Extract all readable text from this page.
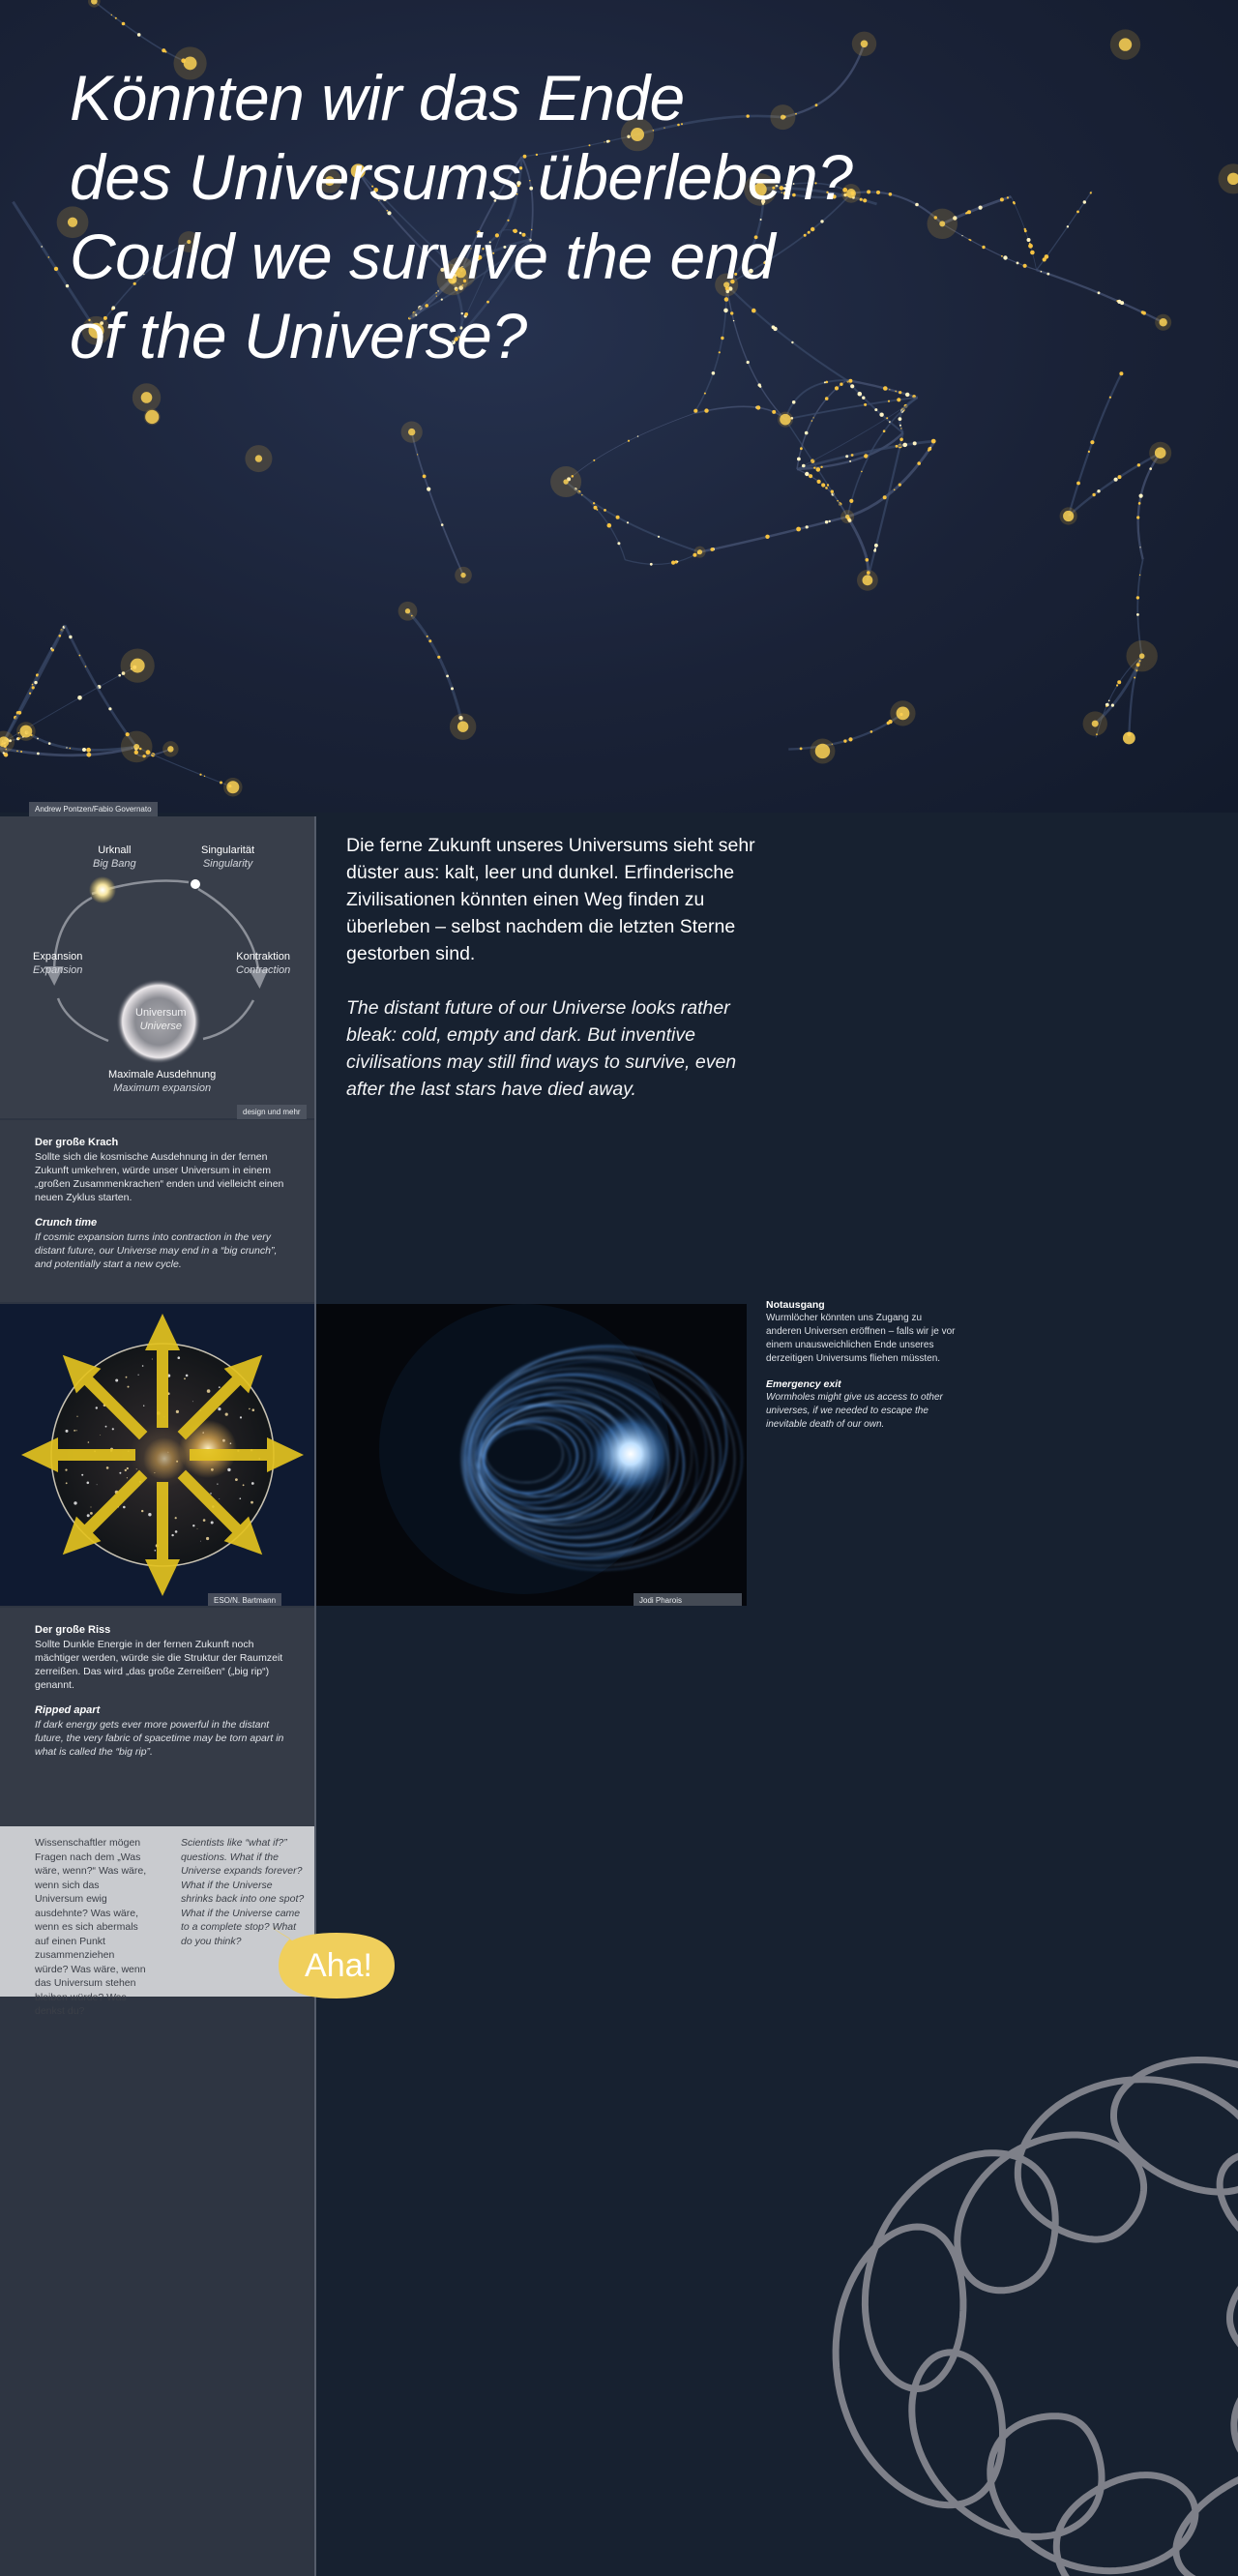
Könnten wir das Ende
des Universums überleben?
Could we survive the end
of the Universe?
Andrew Pontzen/Fabio Governato
Urknall
Big Bang
Singularität
Singularity
Expansion
Expansion
Kontraktion
Contraction
Universum
Universe
Maximale Ausdehnung
Maximum expansion
design und mehr
Der große Krach

Sollte sich die kosmische Ausdehnung in der fernen Zukunft umkehren, würde unser Universum in einem „großen Zusammenkrachen“ enden und vielleicht einen neuen Zyklus starten.

Crunch time

If cosmic expansion turns into contraction in the very distant future, our Universe may end in a “big crunch”, and potentially start a new cycle.

ESO/N. Bartmann
Der große Riss

Sollte Dunkle Energie in der fernen Zukunft noch mächtiger werden, würde sie die Struktur der Raumzeit zerreißen. Das wird „das große Zerreißen“ („big rip“) genannt.

Ripped apart

If dark energy gets ever more powerful in the distant future, the very fabric of spacetime may be torn apart in what is called the “big rip”.

Wissenschaftler mögen Fragen nach dem „Was wäre, wenn?“ Was wäre, wenn sich das Universum ewig ausdehnte? Was wäre, wenn es sich abermals auf einen Punkt zusammenziehen würde? Was wäre, wenn das Universum stehen bleiben würde? Was denkst du?
Scientists like “what if?” questions. What if the Universe expands forever? What if the Universe shrinks back into one spot? What if the Universe came to a complete stop? What do you think?
Aha!

Die ferne Zukunft unseres Universums sieht sehr düster aus: kalt, leer und dunkel. Erfinderische Zivilisationen könnten einen Weg finden zu überleben – selbst nachdem die letzten Sterne gestorben sind.

The distant future of our Universe looks rather bleak: cold, empty and dark. But inventive civilisations may still find ways to survive, even after the last stars have died away.

Jodi Pharois
Notausgang

Wurmlöcher könnten uns Zugang zu anderen Universen eröffnen – falls wir je vor einem unausweichlichen Ende unseres derzeitigen Universums fliehen müssten.

Emergency exit

Wormholes might give us access to other universes, if we needed to escape the inevitable death of our own.
